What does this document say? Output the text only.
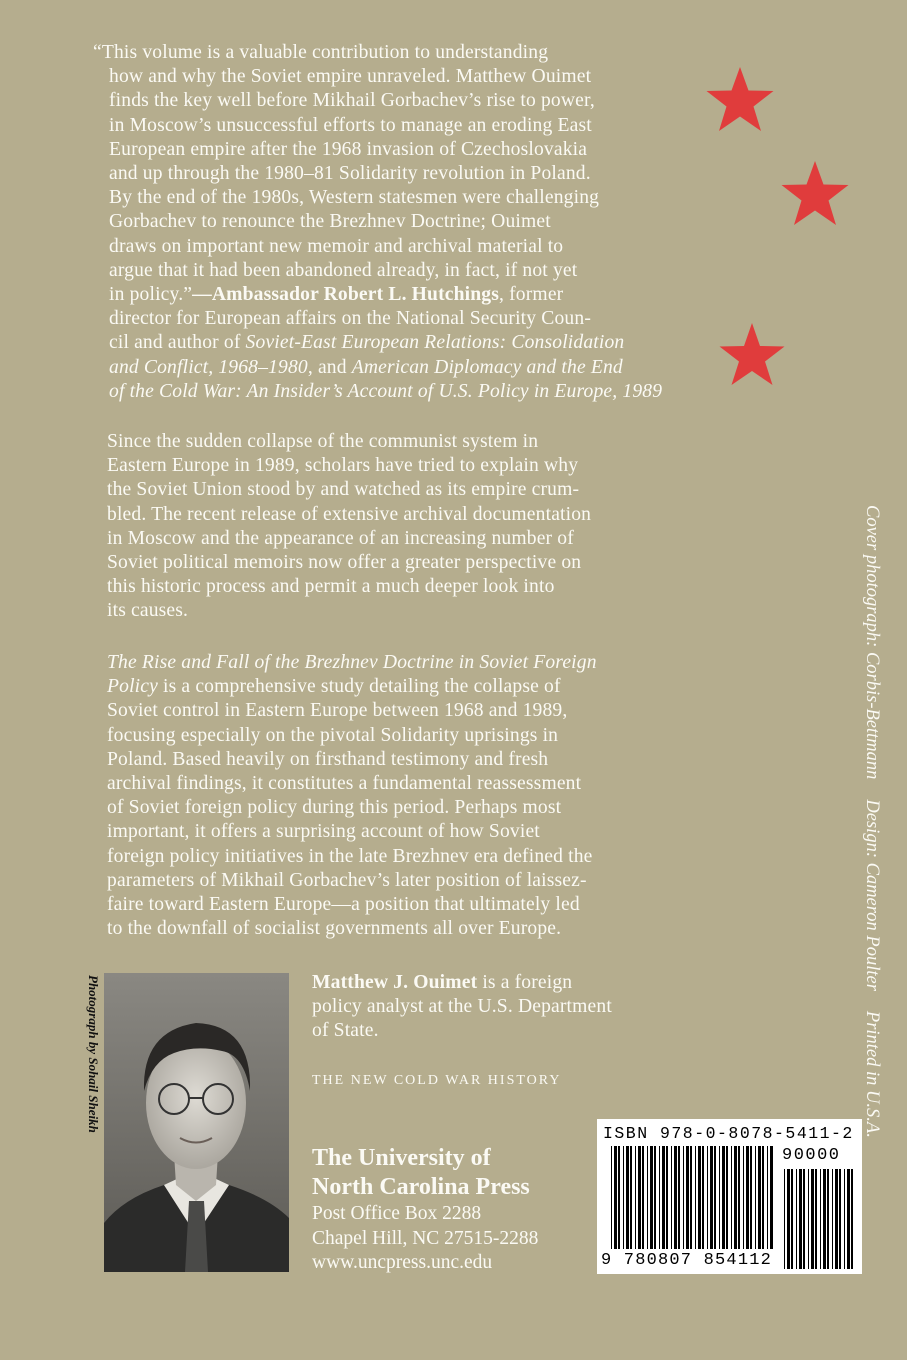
“This volume is a valuable contribution to understanding
how and why the Soviet empire unraveled. Matthew Ouimet
finds the key well before Mikhail Gorbachev’s rise to power,
in Moscow’s unsuccessful efforts to manage an eroding East
European empire after the 1968 invasion of Czechoslovakia
and up through the 1980–81 Solidarity revolution in Poland.
By the end of the 1980s, Western statesmen were challenging
Gorbachev to renounce the Brezhnev Doctrine; Ouimet
draws on important new memoir and archival material to
argue that it had been abandoned already, in fact, if not yet
in policy.”—Ambassador Robert L. Hutchings, former
director for European affairs on the National Security Coun-
cil and author of Soviet-East European Relations: Consolidation
and Conflict, 1968–1980, and American Diplomacy and the End
of the Cold War: An Insider’s Account of U.S. Policy in Europe, 1989
Since the sudden collapse of the communist system in
Eastern Europe in 1989, scholars have tried to explain why
the Soviet Union stood by and watched as its empire crum-
bled. The recent release of extensive archival documentation
in Moscow and the appearance of an increasing number of
Soviet political memoirs now offer a greater perspective on
this historic process and permit a much deeper look into
its causes.
The Rise and Fall of the Brezhnev Doctrine in Soviet Foreign
Policy is a comprehensive study detailing the collapse of
Soviet control in Eastern Europe between 1968 and 1989,
focusing especially on the pivotal Solidarity uprisings in
Poland. Based heavily on firsthand testimony and fresh
archival findings, it constitutes a fundamental reassessment
of Soviet foreign policy during this period. Perhaps most
important, it offers a surprising account of how Soviet
foreign policy initiatives in the late Brezhnev era defined the
parameters of Mikhail Gorbachev’s later position of laissez-
faire toward Eastern Europe—a position that ultimately led
to the downfall of socialist governments all over Europe.
Photograph by Sohail Sheikh	Matthew J. Ouimet is a foreign
policy analyst at the U.S. Department
of State.
THE NEW COLD WAR HISTORY
The University of
North Carolina Press
Post Office Box 2288
Chapel Hill, NC 27515-2288
www.uncpress.unc.edu
Cover photograph: Corbis-BettmannDesign: Cameron PoulterPrinted in U.S.A.
ISBN 978-0-8078-5411-2
90000
9 780807 854112
